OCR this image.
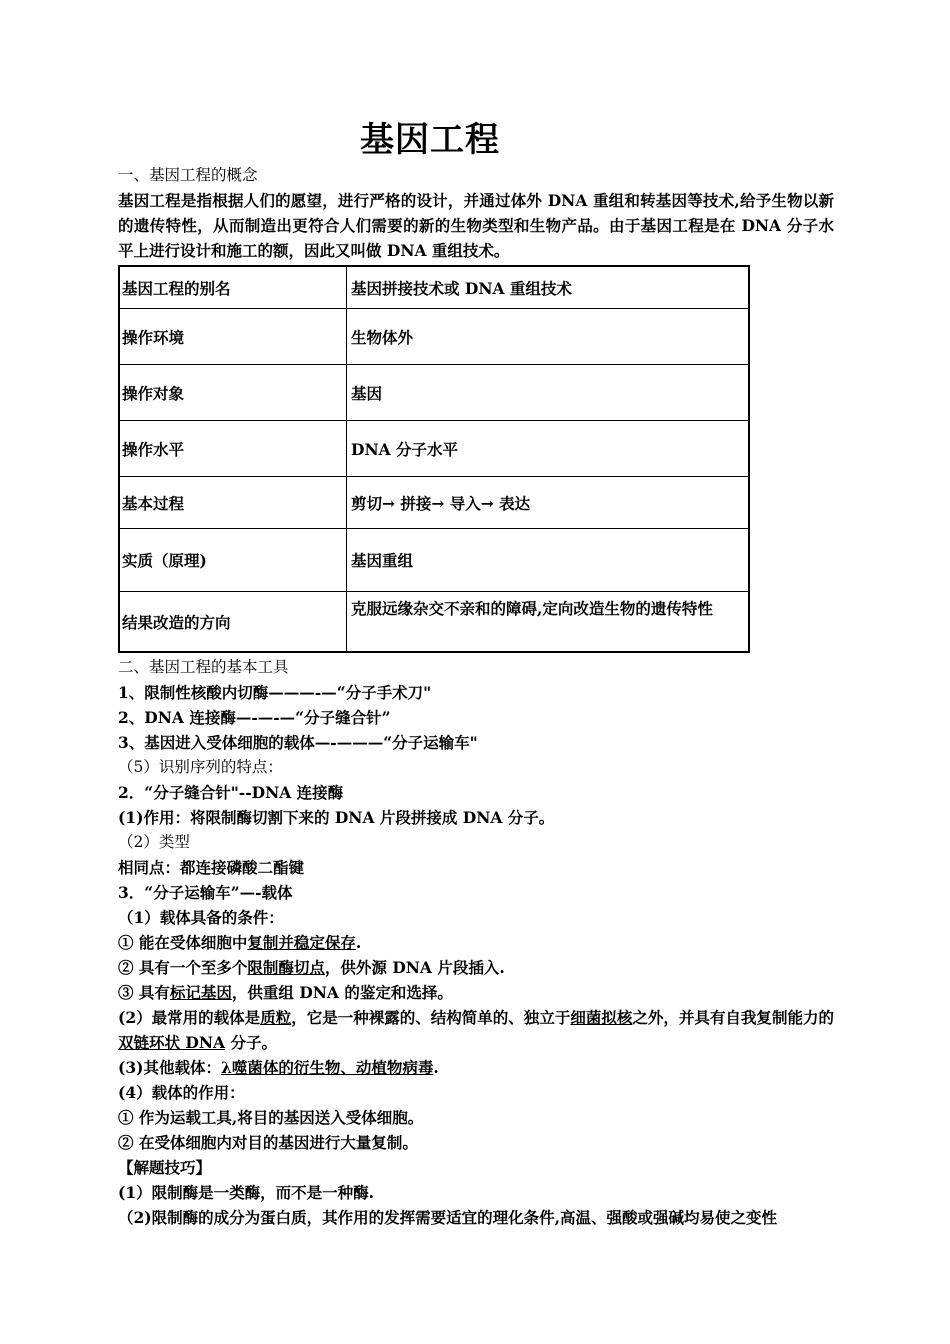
基因工程
一、基因工程的概念
基因工程是指根据人们的愿望，进行严格的设计，并通过体外 DNA 重组和转基因等技术,给予生物以新的遗传特性，从而制造出更符合人们需要的新的生物类型和生物产品。由于基因工程是在 DNA 分子水平上进行设计和施工的额，因此又叫做 DNA 重组技术。
基因工程的别名	基因拼接技术或 DNA 重组技术
操作环境	生物体外
操作对象	基因
操作水平	DNA 分子水平
基本过程	剪切→ 拼接→ 导入→ 表达
实质（原理)	基因重组
结果改造的方向	克服远缘杂交不亲和的障碍,定向改造生物的遗传特性
二、基因工程的基本工具
1、限制性核酸内切酶———-—“分子手术刀"
2、DNA 连接酶—-—-—“分子缝合针”
3、基因进入受体细胞的载体—-———“分子运输车"
（5）识别序列的特点：
2．“分子缝合针"--DNA 连接酶
(1)作用：将限制酶切割下来的 DNA 片段拼接成 DNA 分子。
（2）类型
相同点：都连接磷酸二酯键
3．“分子运输车”—-载体
（1）载体具备的条件：
① 能在受体细胞中复制并稳定保存.
② 具有一个至多个限制酶切点，供外源 DNA 片段插入.
③ 具有标记基因，供重组 DNA 的鉴定和选择。
(2）最常用的载体是质粒，它是一种裸露的、结构简单的、独立于细菌拟核之外，并具有自我复制能力的双链环状 DNA 分子。
(3)其他载体：λ噬菌体的衍生物、动植物病毒.
(4）载体的作用：
① 作为运载工具,将目的基因送入受体细胞。
② 在受体细胞内对目的基因进行大量复制。
【解题技巧】
(1）限制酶是一类酶，而不是一种酶.
（2)限制酶的成分为蛋白质，其作用的发挥需要适宜的理化条件,高温、强酸或强碱均易使之变性
